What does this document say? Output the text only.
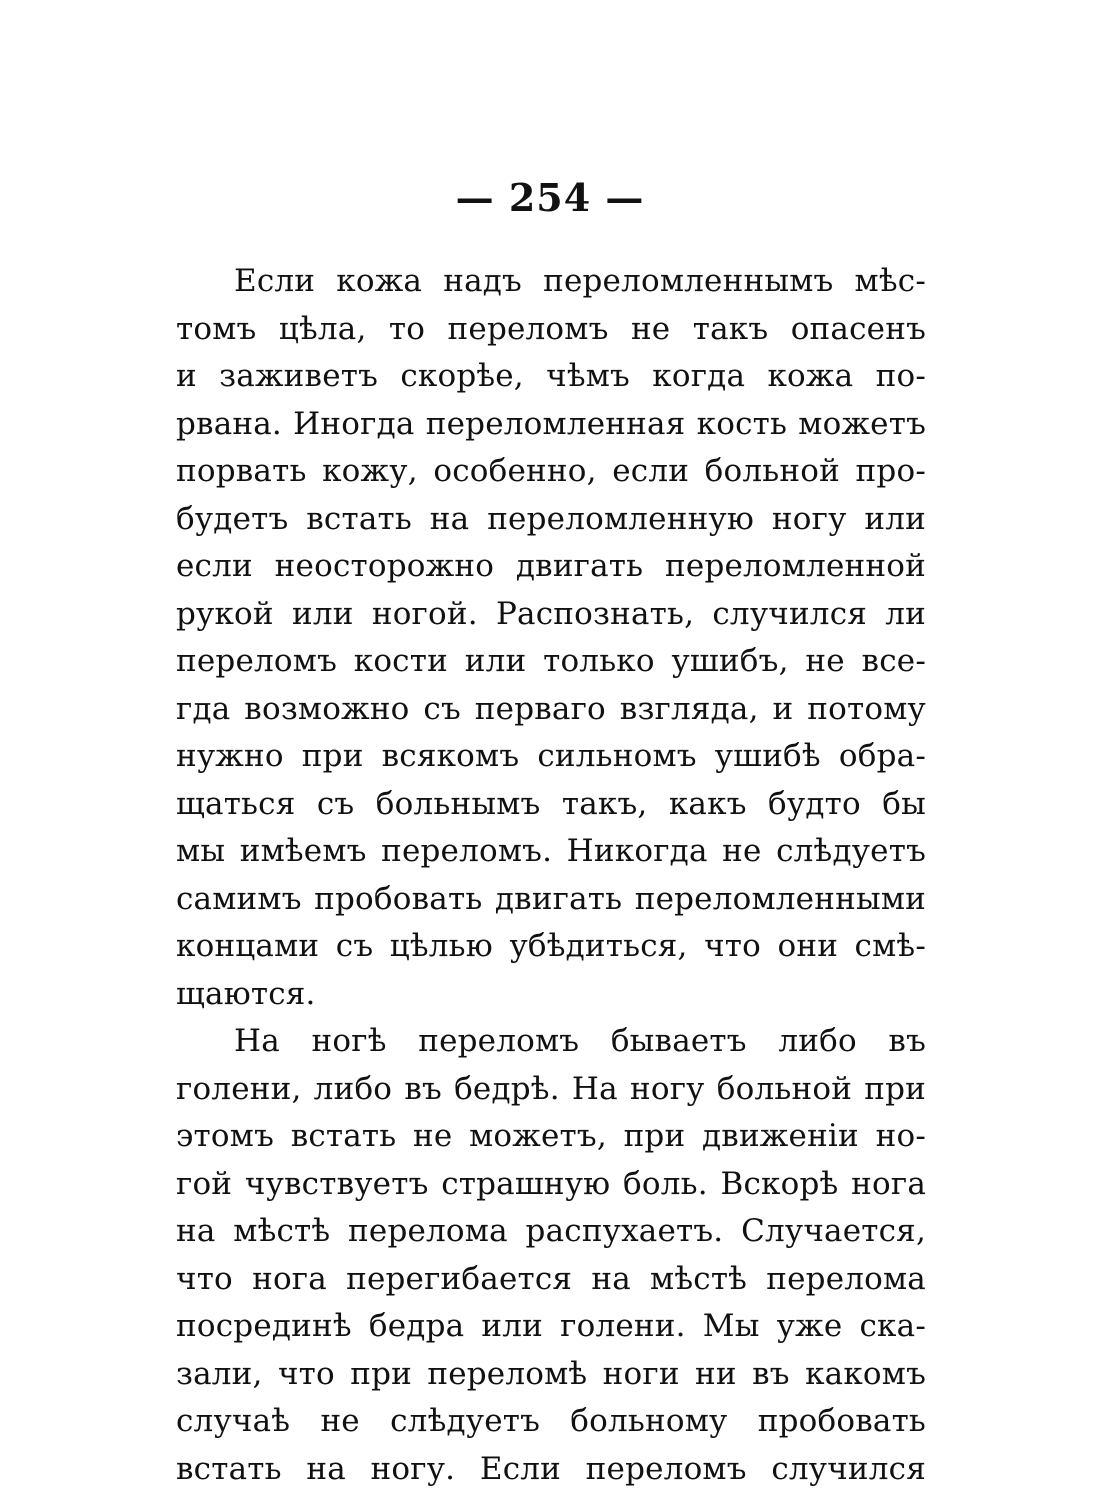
— 254 —
Если кожа надъ переломленнымъ мѣс-
томъ цѣла, то переломъ не такъ опасенъ
и заживетъ скорѣе, чѣмъ когда кожа по-
рвана. Иногда переломленная кость можетъ
порвать кожу, особенно, если больной про-
будетъ встать на переломленную ногу или
если неосторожно двигать переломленной
рукой или ногой. Распознать, случился ли
переломъ кости или только ушибъ, не все-
гда возможно съ перваго взгляда, и потому
нужно при всякомъ сильномъ ушибѣ обра-
щаться съ больнымъ такъ, какъ будто бы
мы имѣемъ переломъ. Никогда не слѣдуетъ
самимъ пробовать двигать переломленными
концами съ цѣлью убѣдиться, что они смѣ-
щаются.
На ногѣ переломъ бываетъ либо въ
голени, либо въ бедрѣ. На ногу больной при
этомъ встать не можетъ, при движеніи но-
гой чувствуетъ страшную боль. Вскорѣ нога
на мѣстѣ перелома распухаетъ. Случается,
что нога перегибается на мѣстѣ перелома
посрединѣ бедра или голени. Мы уже ска-
зали, что при переломѣ ноги ни въ какомъ
случаѣ не слѣдуетъ больному пробовать
встать на ногу. Если переломъ случился
